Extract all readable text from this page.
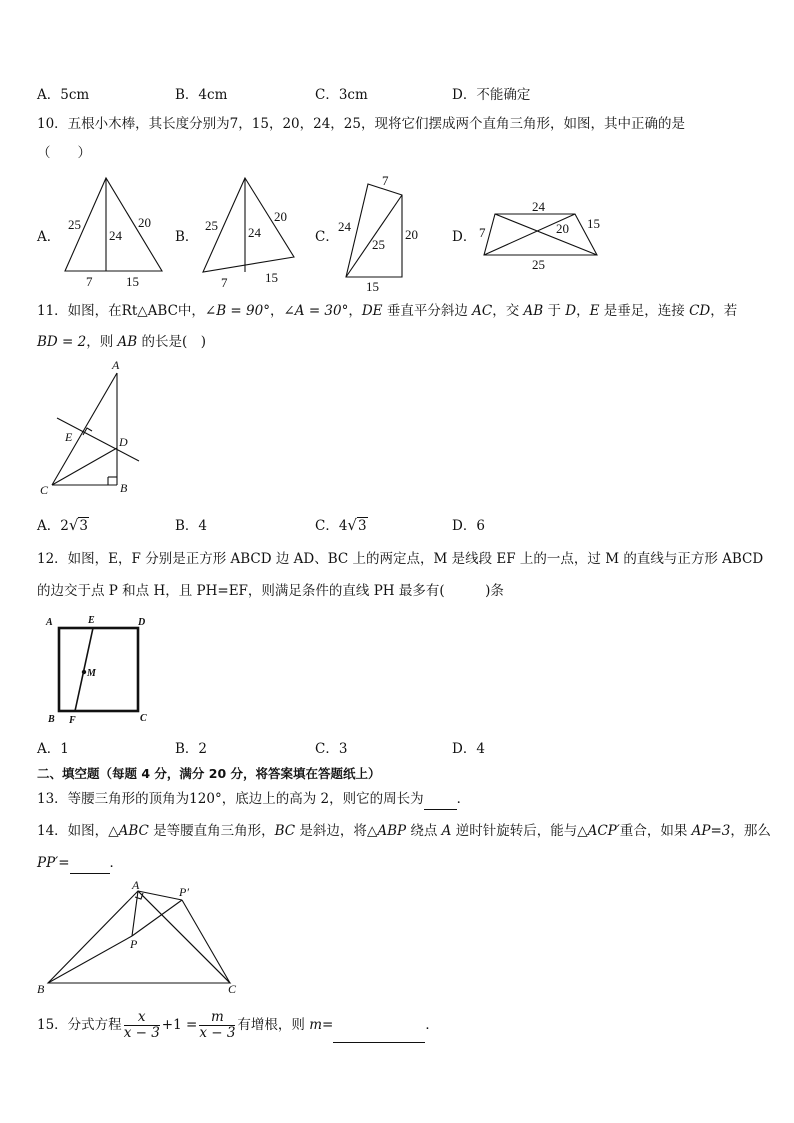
A．5cm	B．4cm	C．3cm	D．不能确定
10．五根小木棒，其长度分别为7，15，20，24，25，现将它们摆成两个直角三角形，如图，其中正确的是
（　　）
A．	B．	C．	D．
25
24
20
7	15
25 24
20
7	15
7
24
25
20
15
24
7	20 15
25
11．如图，在Rt△ABC中，∠B = 90°，∠A = 30°，DE 垂直平分斜边 AC，交 AB 于 D，E 是垂足，连接 CD，若
BD = 2，则 AB 的长是(　)
A
E	D
C	B
A．2√3	B．4	C．4√3	D．6
12．如图，E，F 分别是正方形 ABCD 边 AD、BC 上的两定点，M 是线段 EF 上的一点，过 M 的直线与正方形 ABCD
的边交于点 P 和点 H，且 PH=EF，则满足条件的直线 PH 最多有(　　　)条
A	E	D
M
B F	C
A．1	B．2	C．3	D．4
二、填空题（每题 4 分，满分 20 分，将答案填在答题纸上）
13．等腰三角形的顶角为120°，底边上的高为 2，则它的周长为 ．
14．如图，△ABC 是等腰直角三角形，BC 是斜边，将△ABP 绕点 A 逆时针旋转后，能与△ACP′重合，如果 AP=3，那么
PP′=	．
A	P′
P
B	C
15．分式方程 $\frac{x}{x - 3} +1 = \frac{m}{x - 3}$ 有增根，则 m=	．
